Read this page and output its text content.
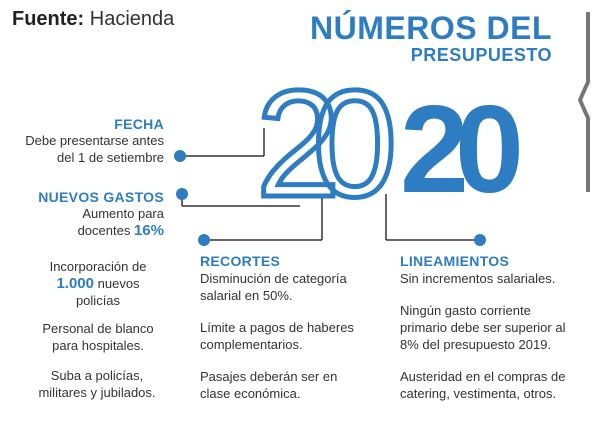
Fuente: Hacienda	NÚMEROS DEL
PRESUPUESTO
20 20
FECHA
Debe presentarse antes
del 1 de setiembre
NUEVOS GASTOS
Aumento para
docentes 16%
Incorporación de
1.000 nuevos
policías
Personal de blanco
para hospitales.
Suba a policías,
militares y jubilados.
RECORTES
Disminución de categoría
salarial en 50%.
Límite a pagos de haberes
complementarios.
Pasajes deberán ser en
clase económica.
LINEAMIENTOS
Sin incrementos salariales.
Ningún gasto corriente
primario debe ser superior al
8% del presupuesto 2019.
Austeridad en el compras de
catering, vestimenta, otros.
